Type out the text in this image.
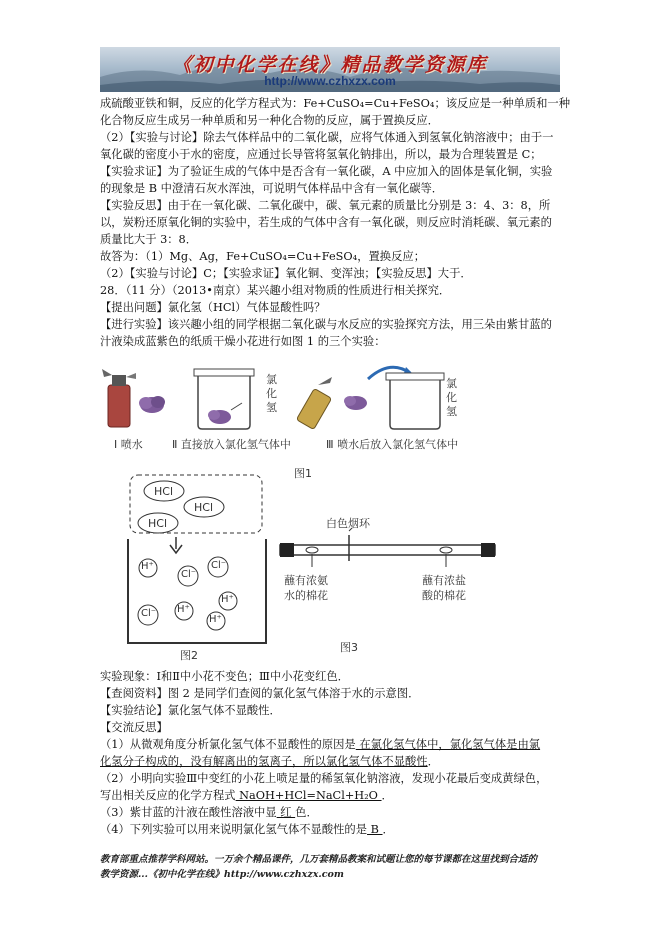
《初中化学在线》精品教学资源库
http://www.czhxzx.com
成硫酸亚铁和铜，反应的化学方程式为：Fe+CuSO₄=Cu+FeSO₄；该反应是一种单质和一种
化合物反应生成另一种单质和另一种化合物的反应，属于置换反应．
（2）【实验与讨论】除去气体样品中的二氧化碳，应将气体通入到氢氧化钠溶液中；由于一
氧化碳的密度小于水的密度，应通过长导管将氢氧化钠排出，所以，最为合理装置是 C；
【实验求证】为了验证生成的气体中是否含有一氧化碳，A 中应加入的固体是氧化铜，实验
的现象是 B 中澄清石灰水浑浊，可说明气体样品中含有一氧化碳等．
【实验反思】由于在一氧化碳、二氧化碳中，碳、氧元素的质量比分别是 3：4、3：8，所
以，炭粉还原氧化铜的实验中，若生成的气体中含有一氧化碳，则反应时消耗碳、氧元素的
质量比大于 3：8．
故答为：（1）Mg、Ag，Fe+CuSO₄=Cu+FeSO₄，置换反应；
（2）【实验与讨论】C；【实验求证】氧化铜、变浑浊；【实验反思】大于．
28．（11 分）（2013•南京）某兴趣小组对物质的性质进行相关探究．
【提出问题】氯化氢（HCl）气体显酸性吗？
【进行实验】该兴趣小组的同学根据二氧化碳与水反应的实验探究方法，用三朵由紫甘蓝的
汁液染成蓝紫色的纸质干燥小花进行如图 1 的三个实验：
氯
化
氢
氯
化
氢
Ⅰ 喷水	Ⅱ 直接放入氯化氢气体中	Ⅲ 喷水后放入氯化氢气体中
图1
HCl
HCl
HCl
H⁺
Cl⁻
Cl⁻
Cl⁻ H⁺
H⁺
H⁺
图2
白色烟环
蘸有浓氨
水的棉花
蘸有浓盐
酸的棉花
图3
实验现象：Ⅰ和Ⅱ中小花不变色；Ⅲ中小花变红色．
【查阅资料】图 2 是同学们查阅的氯化氢气体溶于水的示意图．
【实验结论】氯化氢气体不显酸性．
【交流反思】
（1）从微观角度分析氯化氢气体不显酸性的原因是 在氯化氢气体中，氯化氢气体是由氯
化氢分子构成的，没有解离出的氢离子，所以氯化氢气体不显酸性．
（2）小明向实验Ⅲ中变红的小花上喷足量的稀氢氧化钠溶液，发现小花最后变成黄绿色，
写出相关反应的化学方程式 NaOH+HCl=NaCl+H₂O ．
（3）紫甘蓝的汁液在酸性溶液中显 红 色．
（4）下列实验可以用来说明氯化氢气体不显酸性的是 B ．
教育部重点推荐学科网站。一万余个精品课件，几万套精品教案和试题让您的每节课都在这里找到合适的
教学资源...《初中化学在线》http://www.czhxzx.com
